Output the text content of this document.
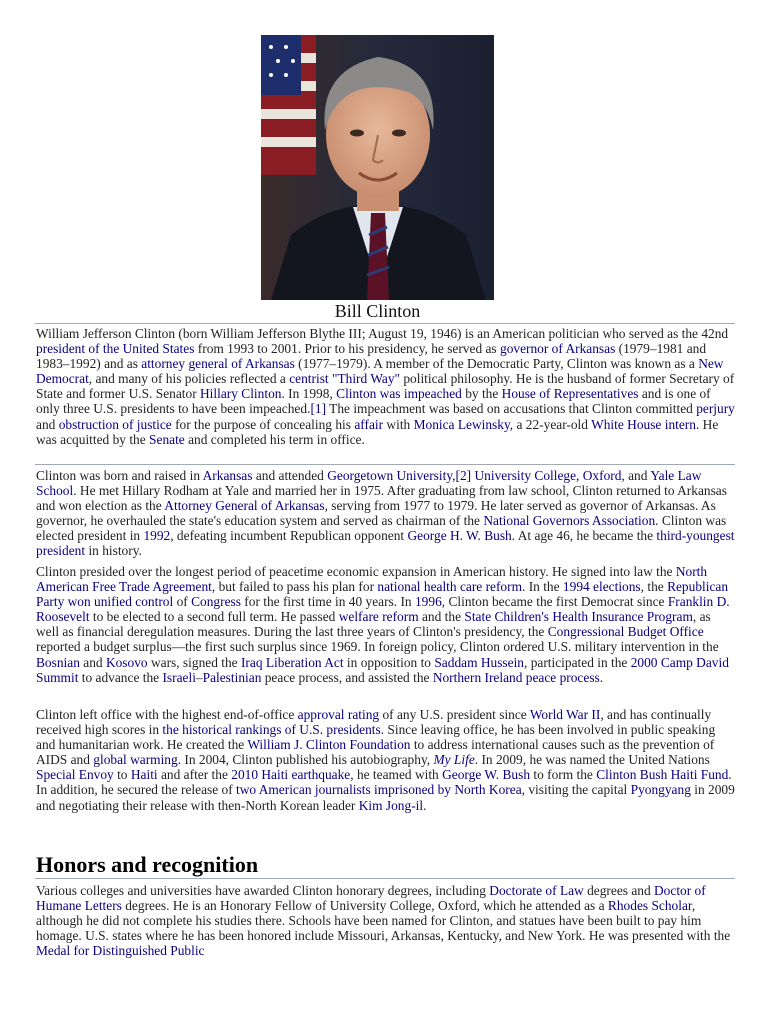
Bill Clinton

William Jefferson Clinton (born William Jefferson Blythe III; August 19, 1946) is an American politician who served as the 42nd president of the United States from 1993 to 2001. Prior to his presidency, he served as governor of Arkansas (1979–1981 and 1983–1992) and as attorney general of Arkansas (1977–1979). A member of the Democratic Party, Clinton was known as a New Democrat, and many of his policies reflected a centrist "Third Way" political philosophy. He is the husband of former Secretary of State and former U.S. Senator Hillary Clinton. In 1998, Clinton was impeached by the House of Representatives and is one of only three U.S. presidents to have been impeached.[1] The impeachment was based on accusations that Clinton committed perjury and obstruction of justice for the purpose of concealing his affair with Monica Lewinsky, a 22-year-old White House intern. He was acquitted by the Senate and completed his term in office.

Clinton was born and raised in Arkansas and attended Georgetown University,[2] University College, Oxford, and Yale Law School. He met Hillary Rodham at Yale and married her in 1975. After graduating from law school, Clinton returned to Arkansas and won election as the Attorney General of Arkansas, serving from 1977 to 1979. He later served as governor of Arkansas. As governor, he overhauled the state's education system and served as chairman of the National Governors Association. Clinton was elected president in 1992, defeating incumbent Republican opponent George H. W. Bush. At age 46, he became the third-youngest president in history.

Clinton presided over the longest period of peacetime economic expansion in American history. He signed into law the North American Free Trade Agreement, but failed to pass his plan for national health care reform. In the 1994 elections, the Republican Party won unified control of Congress for the first time in 40 years. In 1996, Clinton became the first Democrat since Franklin D. Roosevelt to be elected to a second full term. He passed welfare reform and the State Children's Health Insurance Program, as well as financial deregulation measures. During the last three years of Clinton's presidency, the Congressional Budget Office reported a budget surplus—the first such surplus since 1969. In foreign policy, Clinton ordered U.S. military intervention in the Bosnian and Kosovo wars, signed the Iraq Liberation Act in opposition to Saddam Hussein, participated in the 2000 Camp David Summit to advance the Israeli–Palestinian peace process, and assisted the Northern Ireland peace process.

Clinton left office with the highest end-of-office approval rating of any U.S. president since World War II, and has continually received high scores in the historical rankings of U.S. presidents. Since leaving office, he has been involved in public speaking and humanitarian work. He created the William J. Clinton Foundation to address international causes such as the prevention of AIDS and global warming. In 2004, Clinton published his autobiography, My Life. In 2009, he was named the United Nations Special Envoy to Haiti and after the 2010 Haiti earthquake, he teamed with George W. Bush to form the Clinton Bush Haiti Fund. In addition, he secured the release of two American journalists imprisoned by North Korea, visiting the capital Pyongyang in 2009 and negotiating their release with then-North Korean leader Kim Jong-il.

Honors and recognition

Various colleges and universities have awarded Clinton honorary degrees, including Doctorate of Law degrees and Doctor of Humane Letters degrees. He is an Honorary Fellow of University College, Oxford, which he attended as a Rhodes Scholar, although he did not complete his studies there. Schools have been named for Clinton, and statues have been built to pay him homage. U.S. states where he has been honored include Missouri, Arkansas, Kentucky, and New York. He was presented with the Medal for Distinguished Public
